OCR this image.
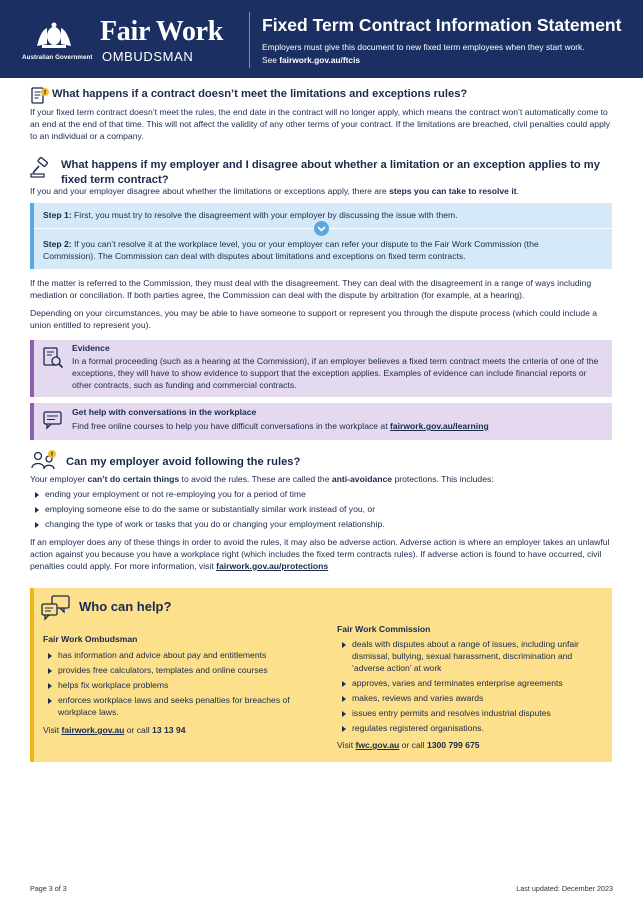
Australian Government
Fair Work
OMBUDSMAN
Fixed Term Contract Information Statement
Employers must give this document to new fixed term employees when they start work.
See fairwork.gov.au/ftcis
What happens if a contract doesn’t meet the limitations and exceptions rules?
If your fixed term contract doesn’t meet the rules, the end date in the contract will no longer apply, which means the contract won’t automatically come to an end at the end of that time. This will not affect the validity of any other terms of your contract. If the limitations are breached, civil penalties could apply to an individual or a company.
What happens if my employer and I disagree about whether a limitation or an exception applies to my fixed term contract?
If you and your employer disagree about whether the limitations or exceptions apply, there are steps you can take to resolve it.
Step 1: First, you must try to resolve the disagreement with your employer by discussing the issue with them.
Step 2: If you can’t resolve it at the workplace level, you or your employer can refer your dispute to the Fair Work Commission (the Commission). The Commission can deal with disputes about limitations and exceptions on fixed term contracts.
If the matter is referred to the Commission, they must deal with the disagreement. They can deal with the disagreement in a range of ways including mediation or conciliation. If both parties agree, the Commission can deal with the dispute by arbitration (for example, at a hearing).
Depending on your circumstances, you may be able to have someone to support or represent you through the dispute process (which could include a union entitled to represent you).
Evidence
In a formal proceeding (such as a hearing at the Commission), if an employer believes a fixed term contract meets the criteria of one of the exceptions, they will have to show evidence to support that the exception applies. Examples of evidence can include financial reports or other contracts, such as funding and commercial contracts.
Get help with conversations in the workplace
Find free online courses to help you have difficult conversations in the workplace at fairwork.gov.au/learning
Can my employer avoid following the rules?
Your employer can’t do certain things to avoid the rules. These are called the anti-avoidance protections. This includes:
ending your employment or not re-employing you for a period of time
employing someone else to do the same or substantially similar work instead of you, or
changing the type of work or tasks that you do or changing your employment relationship.
If an employer does any of these things in order to avoid the rules, it may also be adverse action. Adverse action is where an employer takes an unlawful action against you because you have a workplace right (which includes the fixed term contracts rules). If adverse action is found to have occurred, civil penalties could apply. For more information, visit fairwork.gov.au/protections
Who can help?
Fair Work Ombudsman
has information and advice about pay and entitlements
provides free calculators, templates and online courses
helps fix workplace problems
enforces workplace laws and seeks penalties for breaches of workplace laws.
Visit fairwork.gov.au or call 13 13 94
Fair Work Commission
deals with disputes about a range of issues, including unfair dismissal, bullying, sexual harassment, discrimination and ‘adverse action’ at work
approves, varies and terminates enterprise agreements
makes, reviews and varies awards
issues entry permits and resolves industrial disputes
regulates registered organisations.
Visit fwc.gov.au or call 1300 799 675
Page 3 of 3	Last updated: December 2023
